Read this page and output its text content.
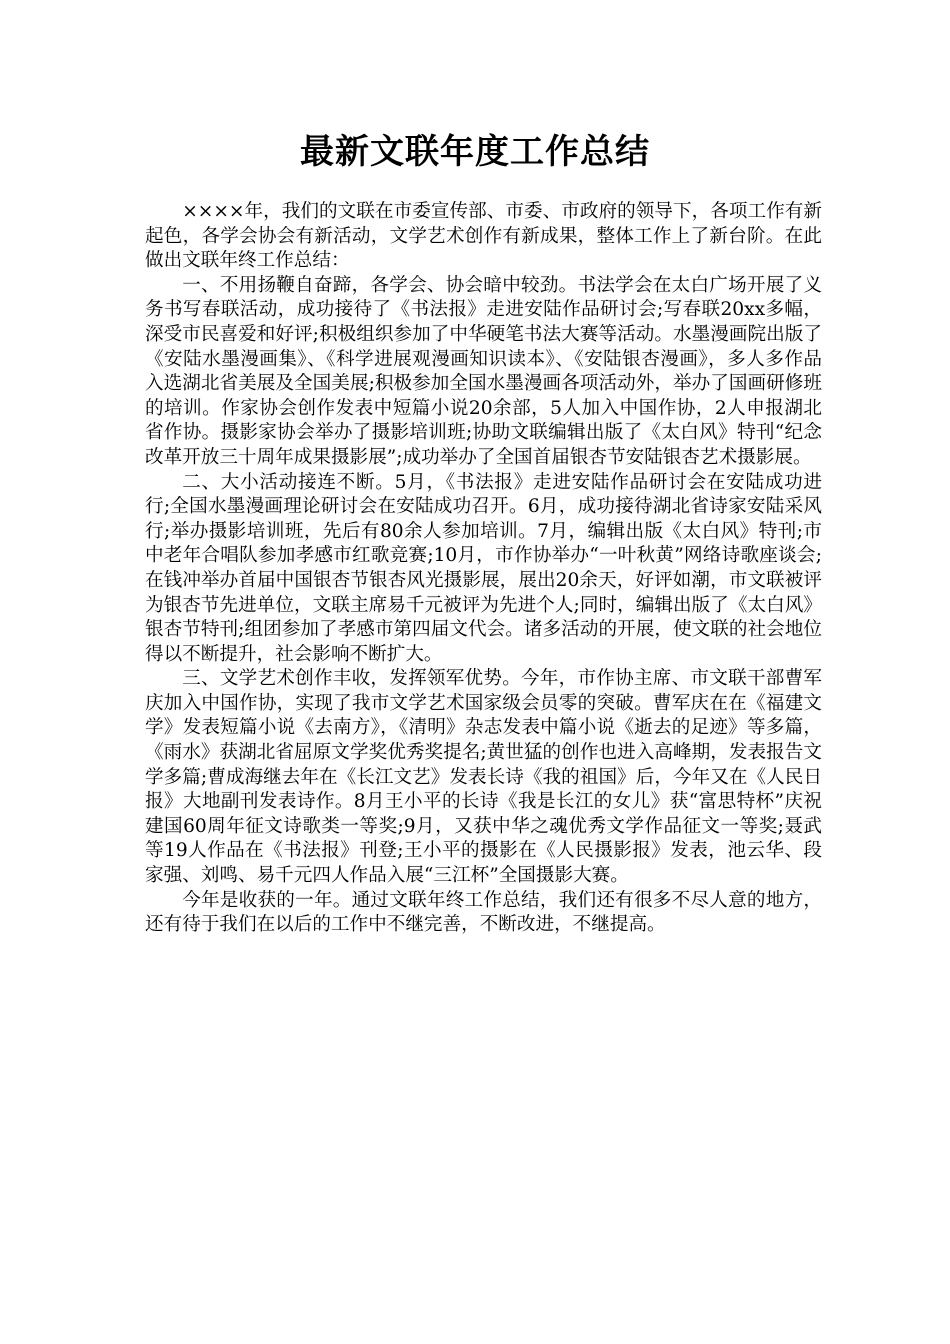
最新文联年度工作总结

××××年，我们的文联在市委宣传部、市委、市政府的领导下，各项工作有新起色，各学会协会有新活动，文学艺术创作有新成果，整体工作上了新台阶。在此做出文联年终工作总结：

一、不用扬鞭自奋蹄，各学会、协会暗中较劲。书法学会在太白广场开展了义务书写春联活动，成功接待了《书法报》走进安陆作品研讨会;写春联20xx多幅，深受市民喜爱和好评;积极组织参加了中华硬笔书法大赛等活动。水墨漫画院出版了《安陆水墨漫画集》、《科学进展观漫画知识读本》、《安陆银杏漫画》，多人多作品入选湖北省美展及全国美展;积极参加全国水墨漫画各项活动外，举办了国画研修班的培训。作家协会创作发表中短篇小说20余部，5人加入中国作协，2人申报湖北省作协。摄影家协会举办了摄影培训班;协助文联编辑出版了《太白风》特刊“纪念改革开放三十周年成果摄影展”;成功举办了全国首届银杏节安陆银杏艺术摄影展。

二、大小活动接连不断。5月，《书法报》走进安陆作品研讨会在安陆成功进行;全国水墨漫画理论研讨会在安陆成功召开。6月，成功接待湖北省诗家安陆采风行;举办摄影培训班，先后有80余人参加培训。7月，编辑出版《太白风》特刊;市中老年合唱队参加孝感市红歌竞赛;10月，市作协举办“一叶秋黄”网络诗歌座谈会;在钱冲举办首届中国银杏节银杏风光摄影展，展出20余天，好评如潮，市文联被评为银杏节先进单位，文联主席易千元被评为先进个人;同时，编辑出版了《太白风》银杏节特刊;组团参加了孝感市第四届文代会。诸多活动的开展，使文联的社会地位得以不断提升，社会影响不断扩大。

三、文学艺术创作丰收，发挥领军优势。今年，市作协主席、市文联干部曹军庆加入中国作协，实现了我市文学艺术国家级会员零的突破。曹军庆在在《福建文学》发表短篇小说《去南方》，《清明》杂志发表中篇小说《逝去的足迹》等多篇，《雨水》获湖北省屈原文学奖优秀奖提名;黄世猛的创作也进入高峰期，发表报告文学多篇;曹成海继去年在《长江文艺》发表长诗《我的祖国》后，今年又在《人民日报》大地副刊发表诗作。8月王小平的长诗《我是长江的女儿》获“富思特杯”庆祝建国60周年征文诗歌类一等奖;9月，又获中华之魂优秀文学作品征文一等奖;聂武等19人作品在《书法报》刊登;王小平的摄影在《人民摄影报》发表，池云华、段家强、刘鸣、易千元四人作品入展“三江杯”全国摄影大赛。

今年是收获的一年。通过文联年终工作总结，我们还有很多不尽人意的地方，还有待于我们在以后的工作中不继完善，不断改进，不继提高。
